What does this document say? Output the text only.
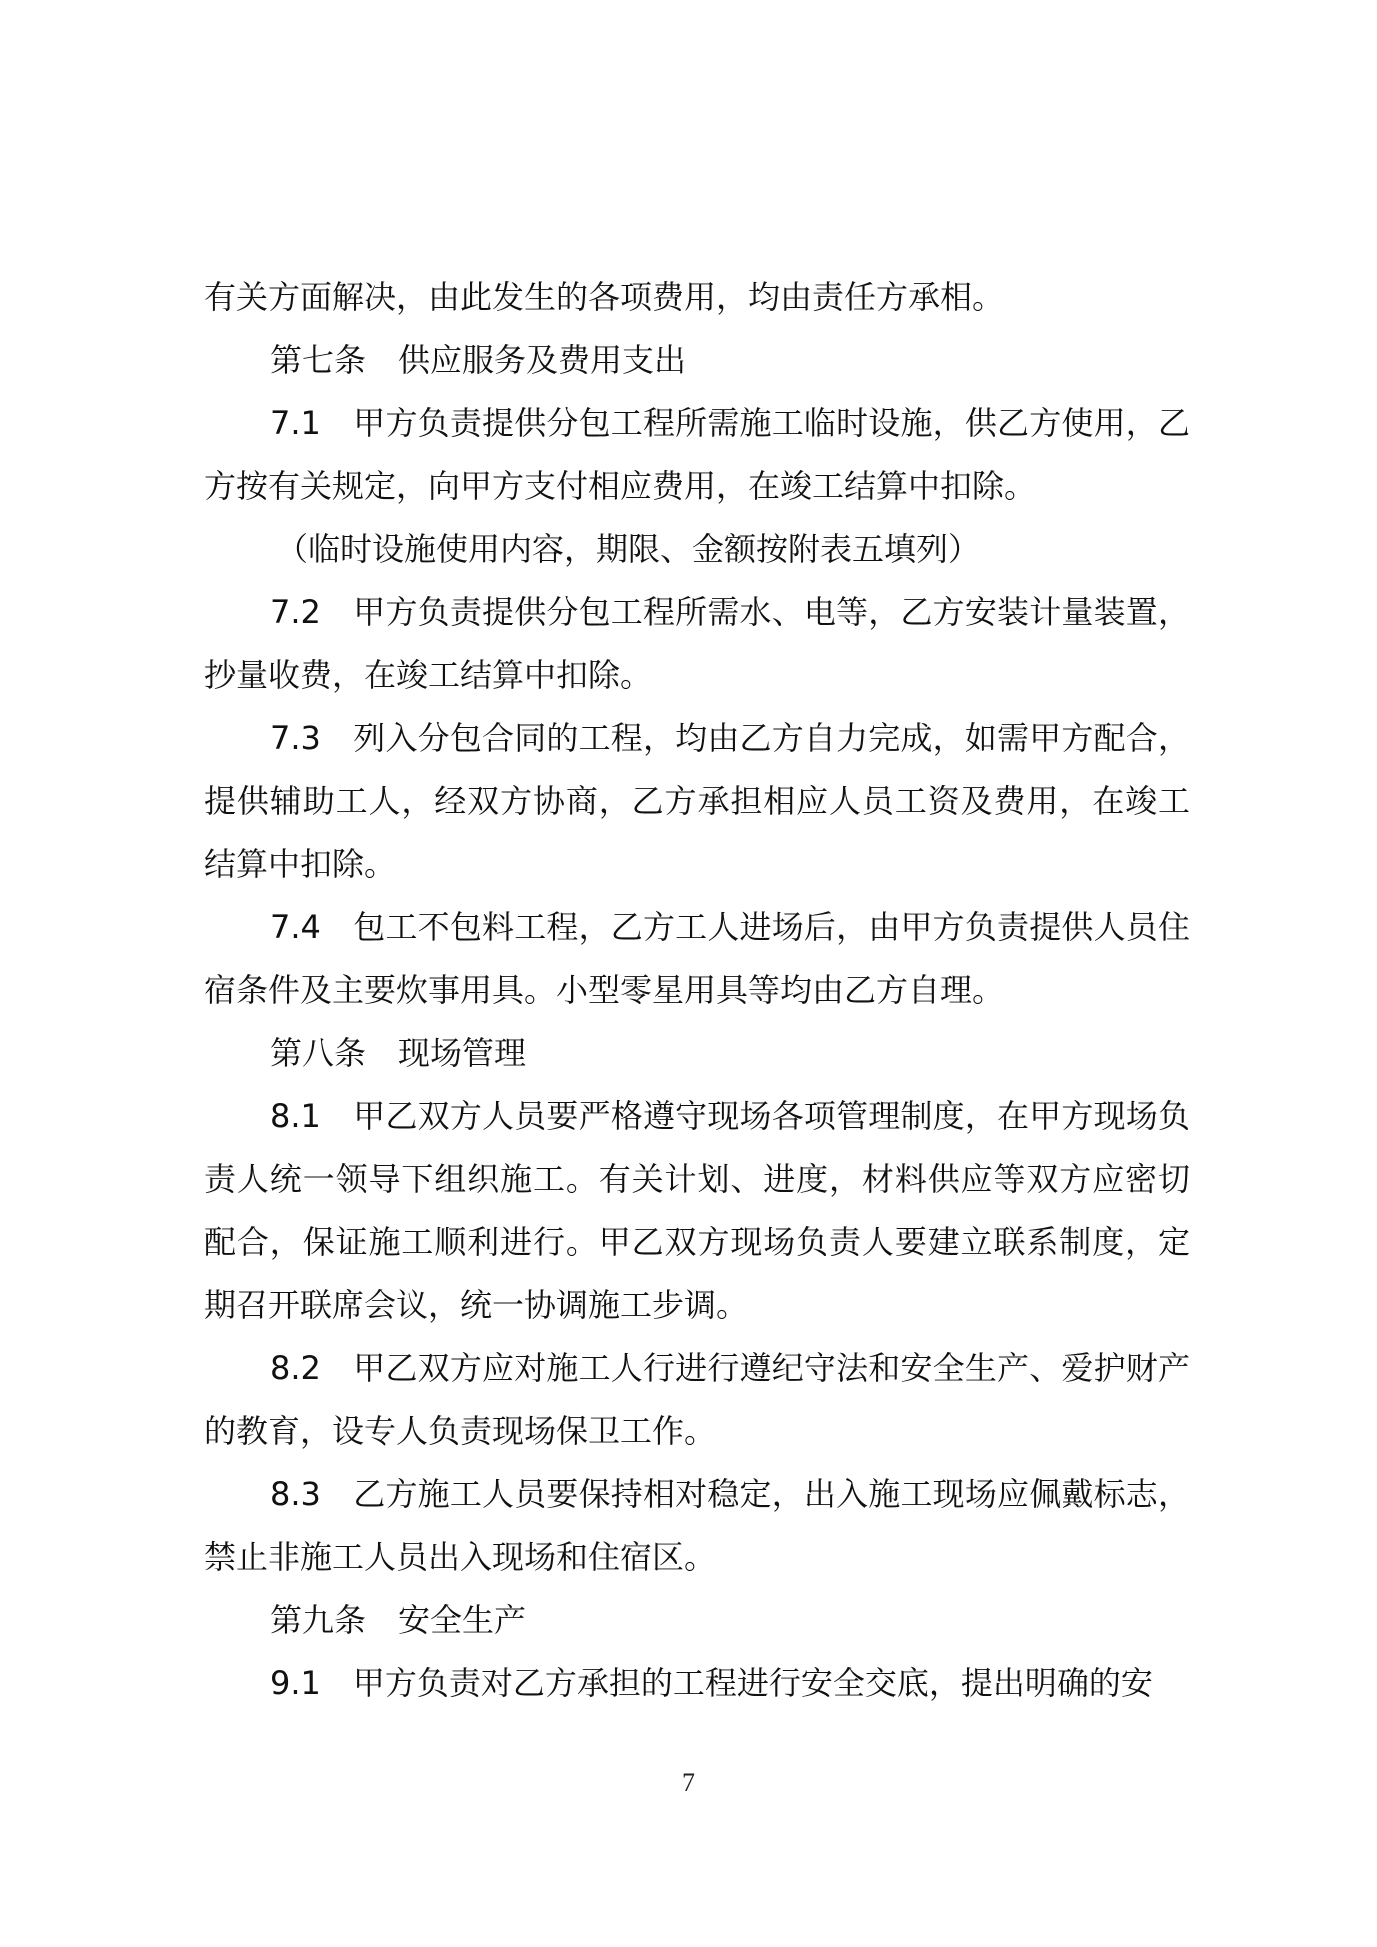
有关方面解决，由此发生的各项费用，均由责任方承相。

第七条　供应服务及费用支出

7.1　甲方负责提供分包工程所需施工临时设施，供乙方使用，乙方按有关规定，向甲方支付相应费用，在竣工结算中扣除。

（临时设施使用内容，期限、金额按附表五填列）

7.2　甲方负责提供分包工程所需水、电等，乙方安装计量装置，抄量收费，在竣工结算中扣除。

7.3　列入分包合同的工程，均由乙方自力完成，如需甲方配合，提供辅助工人，经双方协商，乙方承担相应人员工资及费用，在竣工结算中扣除。

7.4　包工不包料工程，乙方工人进场后，由甲方负责提供人员住宿条件及主要炊事用具。小型零星用具等均由乙方自理。

第八条　现场管理

8.1　甲乙双方人员要严格遵守现场各项管理制度，在甲方现场负责人统一领导下组织施工。有关计划、进度，材料供应等双方应密切配合，保证施工顺利进行。甲乙双方现场负责人要建立联系制度，定期召开联席会议，统一协调施工步调。

8.2　甲乙双方应对施工人行进行遵纪守法和安全生产、爱护财产的教育，设专人负责现场保卫工作。

8.3　乙方施工人员要保持相对稳定，出入施工现场应佩戴标志，禁止非施工人员出入现场和住宿区。

第九条　安全生产

9.1　甲方负责对乙方承担的工程进行安全交底，提出明确的安

7
